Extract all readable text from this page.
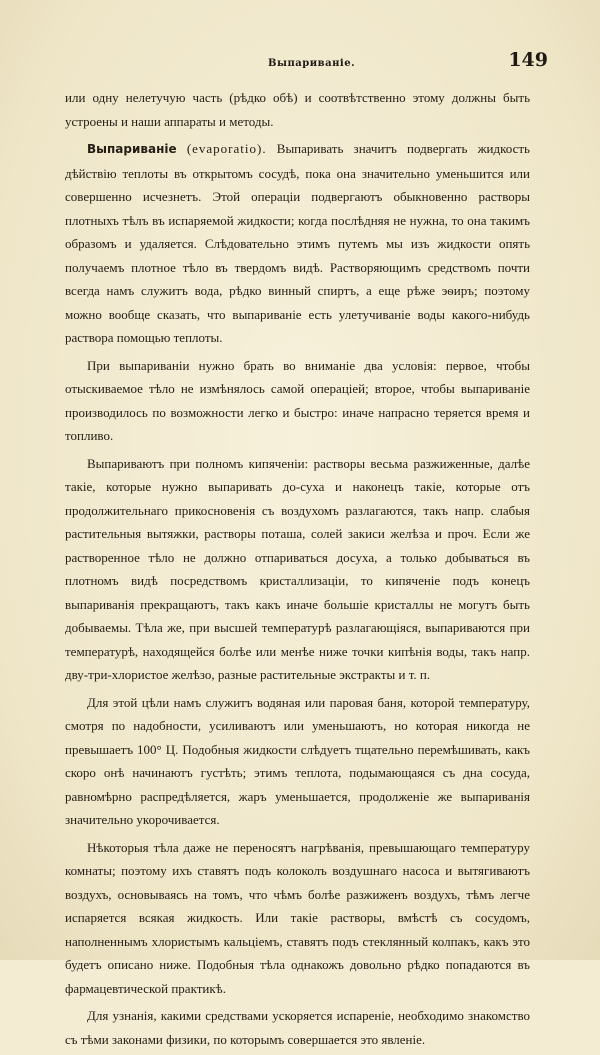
Выпариваніе.	149

или одну нелетучую часть (рѣдко обѣ) и соотвѣтственно этому должны быть устроены и наши аппараты и методы.

Выпариваніе (evaporatio). Выпаривать значитъ подвергать жидкость дѣйствію теплоты въ открытомъ сосудѣ, пока она значительно уменьшится или совершенно исчезнетъ. Этой операціи подвергаютъ обыкновенно растворы плотныхъ тѣлъ въ испаряемой жидкости; когда послѣдняя не нужна, то она такимъ образомъ и удаляется. Слѣдовательно этимъ путемъ мы изъ жидкости опять получаемъ плотное тѣло въ твердомъ видѣ. Растворяющимъ средствомъ почти всегда намъ служитъ вода, рѣдко винный спиртъ, а еще рѣже эѳиръ; поэтому можно вообще сказать, что выпариваніе есть улетучиваніе воды какого-нибудь раствора помощью теплоты.

При выпариваніи нужно брать во вниманіе два условія: первое, чтобы отыскиваемое тѣло не измѣнялось самой операціей; второе, чтобы выпариваніе производилось по возможности легко и быстро: иначе напрасно теряется время и топливо.

Выпариваютъ при полномъ кипяченіи: растворы весьма разжиженные, далѣе такіе, которые нужно выпаривать до-суха и наконецъ такіе, которые отъ продолжительнаго прикосновенія съ воздухомъ разлагаются, такъ напр. слабыя растительныя вытяжки, растворы поташа, солей закиси желѣза и проч. Если же растворенное тѣло не должно отпариваться досуха, а только добываться въ плотномъ видѣ посредствомъ кристаллизаціи, то кипяченіе подъ конецъ выпариванія прекращаютъ, такъ какъ иначе большіе кристаллы не могутъ быть добываемы. Тѣла же, при высшей температурѣ разлагающіяся, выпариваются при температурѣ, находящейся болѣе или менѣе ниже точки кипѣнія воды, такъ напр. дву-три-хлористое желѣзо, разные растительные экстракты и т. п.

Для этой цѣли намъ служитъ водяная или паровая баня, которой температуру, смотря по надобности, усиливаютъ или уменьшаютъ, но которая никогда не превышаетъ 100° Ц. Подобныя жидкости слѣдуетъ тщательно перемѣшивать, какъ скоро онѣ начинаютъ густѣть; этимъ теплота, подымающаяся съ дна сосуда, равномѣрно распредѣляется, жаръ уменьшается, продолженіе же выпариванія значительно укорочивается.

Нѣкоторыя тѣла даже не переносятъ нагрѣванія, превышающаго температуру комнаты; поэтому ихъ ставятъ подъ колоколъ воздушнаго насоса и вытягиваютъ воздухъ, основываясь на томъ, что чѣмъ болѣе разжиженъ воздухъ, тѣмъ легче испаряется всякая жидкость. Или такіе растворы, вмѣстѣ съ сосудомъ, наполненнымъ хлористымъ кальціемъ, ставятъ подъ стеклянный колпакъ, какъ это будетъ описано ниже. Подобныя тѣла однакожъ довольно рѣдко попадаются въ фармацевтической практикѣ.

Для узнанія, какими средствами ускоряется испареніе, необходимо знакомство съ тѣми законами физики, по которымъ совершается это явленіе.
